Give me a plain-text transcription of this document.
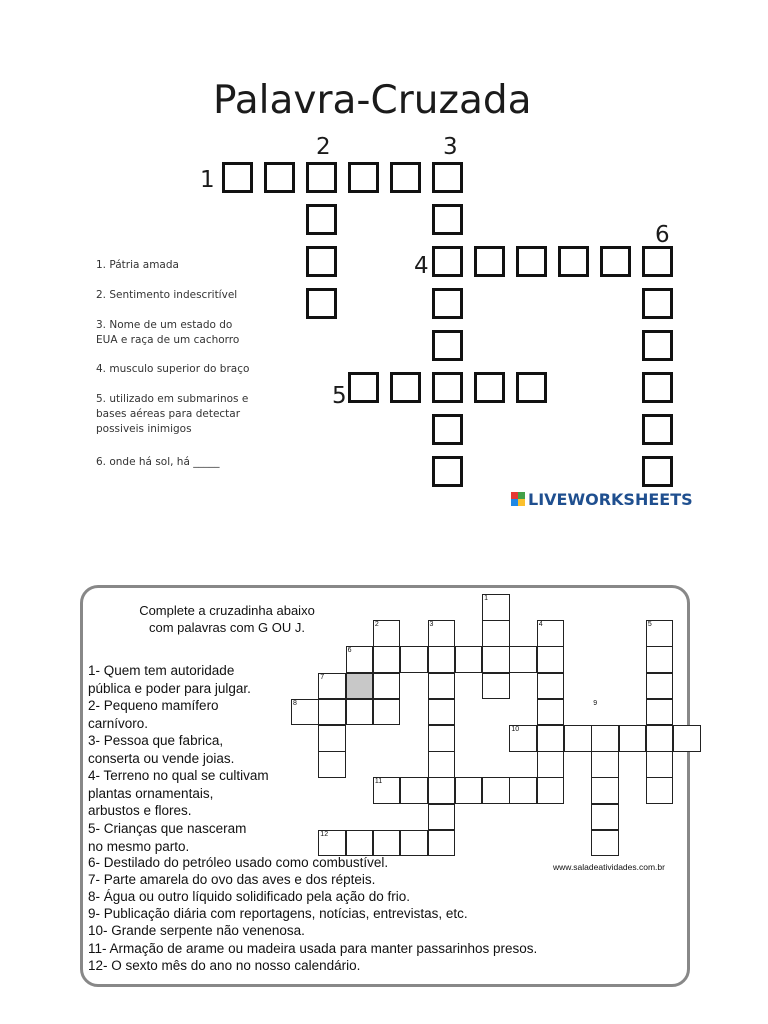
Palavra-Cruzada
1
2	3
4
5
6
1. Pátria amada
2. Sentimento indescritível
3. Nome de um estado do
EUA e raça de um cachorro
4. musculo superior do braço
5. utilizado em submarinos e
bases aéreas para detectar
possiveis inimigos
6. onde há sol, há _____
LIVEWORKSHEETS
Complete a cruzadinha abaixo
com palavras com G OU J.
1
2	3	4	5
6
7
8	9
10
11
12
1- Quem tem autoridade
pública e poder para julgar.
2- Pequeno mamífero
carnívoro.
3- Pessoa que fabrica,
conserta ou vende joias.
4- Terreno no qual se cultivam
plantas ornamentais,
arbustos e flores.
5- Crianças que nasceram
no mesmo parto.
6- Destilado do petróleo usado como combustível.
7- Parte amarela do ovo das aves e dos répteis.
8- Água ou outro líquido solidificado pela ação do frio.
9- Publicação diária com reportagens, notícias, entrevistas, etc.
10- Grande serpente não venenosa.
11- Armação de arame ou madeira usada para manter passarinhos presos.
12- O sexto mês do ano no nosso calendário.
www.saladeatividades.com.br
